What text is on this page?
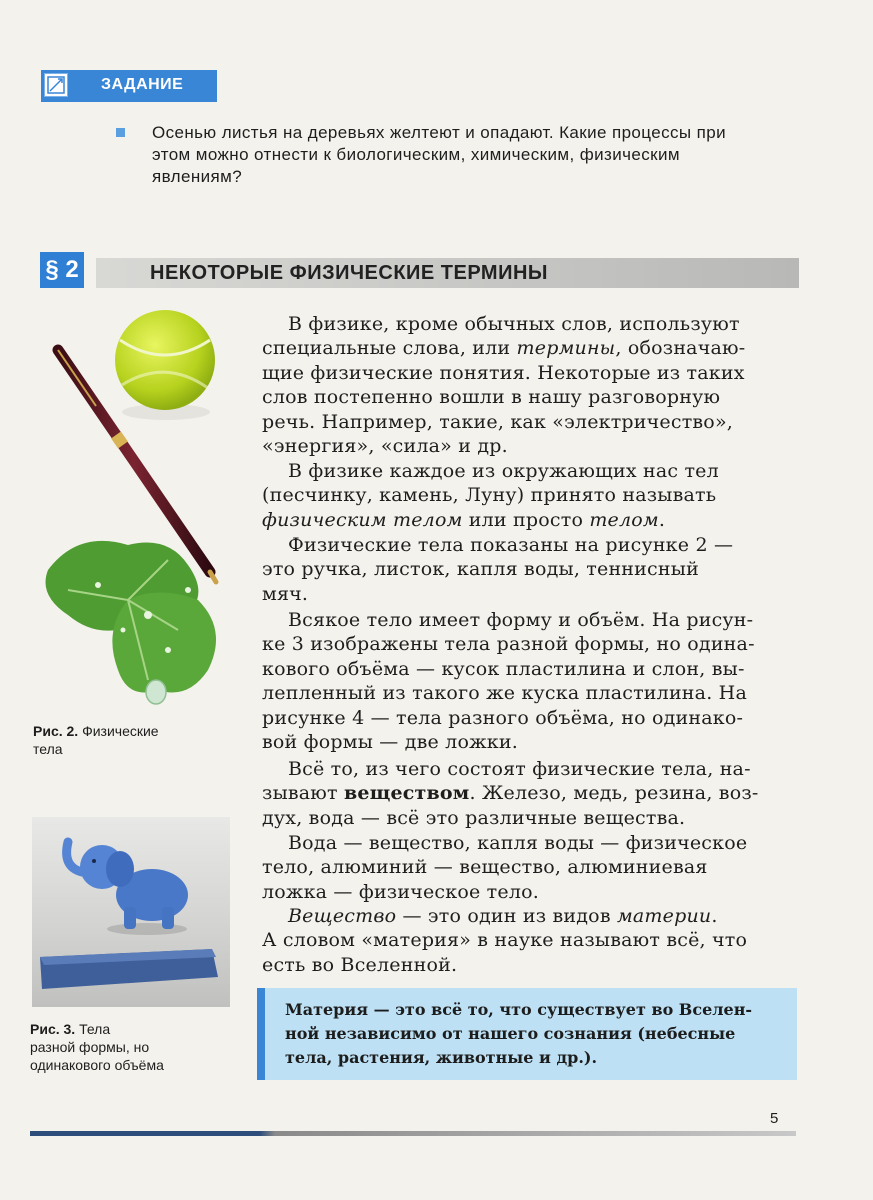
ЗАДАНИЕ
Осенью листья на деревьях желтеют и опадают. Какие процессы при
этом можно отнести к биологическим, химическим, физическим
явлениям?
§ 2	НЕКОТОРЫЕ ФИЗИЧЕСКИЕ ТЕРМИНЫ
Рис. 2. Физические
тела
Рис. 3. Тела
разной формы, но
одинакового объёма
В физике, кроме обычных слов, используют
специальные слова, или термины, обозначаю-
щие физические понятия. Некоторые из таких
слов постепенно вошли в нашу разговорную
речь. Например, такие, как «электричество»,
«энергия», «сила» и др.
В физике каждое из окружающих нас тел
(песчинку, камень, Луну) принято называть
физическим телом или просто телом.
Физические тела показаны на рисунке 2 —
это ручка, листок, капля воды, теннисный
мяч.
Всякое тело имеет форму и объём. На рисун-
ке 3 изображены тела разной формы, но одина-
кового объёма — кусок пластилина и слон, вы-
лепленный из такого же куска пластилина. На
рисунке 4 — тела разного объёма, но одинако-
вой формы — две ложки.
Всё то, из чего состоят физические тела, на-
зывают веществом. Железо, медь, резина, воз-
дух, вода — всё это различные вещества.
Вода — вещество, капля воды — физическое
тело, алюминий — вещество, алюминиевая
ложка — физическое тело.
Вещество — это один из видов материи.
А словом «материя» в науке называют всё, что
есть во Вселенной.
Материя — это всё то, что существует во Вселен-
ной независимо от нашего сознания (небесные
тела, растения, животные и др.).
5
